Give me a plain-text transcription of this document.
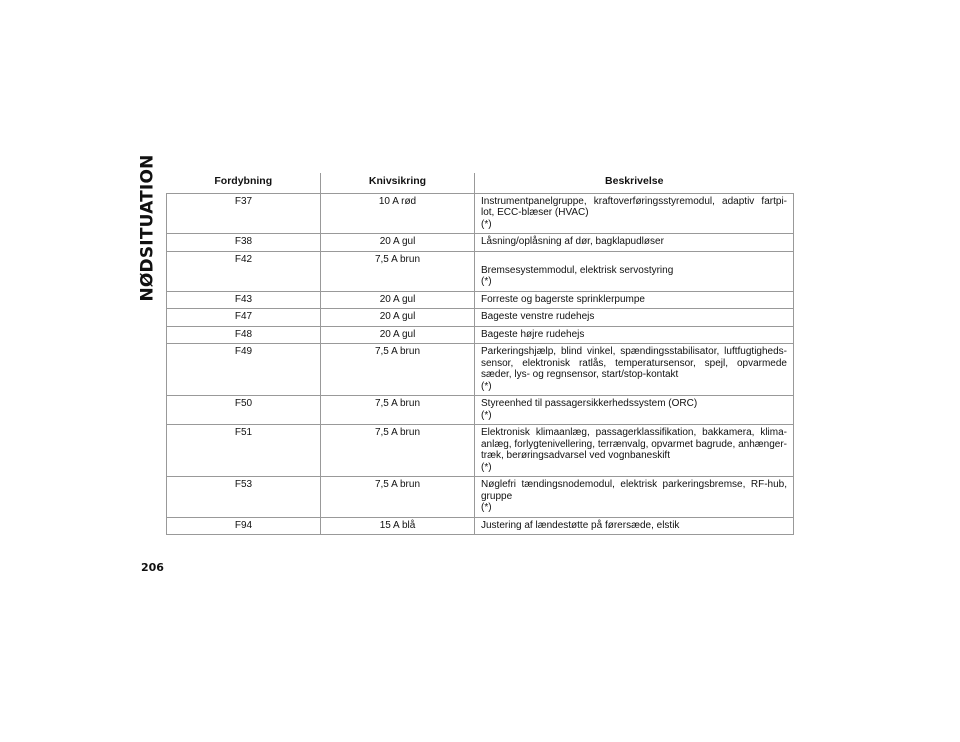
NØDSITUATION	Fordybning	Knivsikring	Beskrivelse
F37	10 A rød	Instrumentpanelgruppe, kraftoverføringsstyremodul, adaptiv fartpi- lot, ECC-blæser (HVAC)
(*)

F38	20 A gul	Låsning/oplåsning af dør, bagklapudløser

F42	7,5 A brun	Bremsesystemmodul, elektrisk servostyring
(*)

F43	20 A gul	Forreste og bagerste sprinklerpumpe

F47	20 A gul	Bageste venstre rudehejs

F48	20 A gul	Bageste højre rudehejs

F49	7,5 A brun	Parkeringshjælp, blind vinkel, spændingsstabilisator, luftfugtigheds- sensor, elektronisk ratlås, temperatursensor, spejl, opvarmede sæder, lys- og regnsensor, start/stop-kontakt
(*)

F50	7,5 A brun	Styreenhed til passagersikkerhedssystem (ORC)
(*)

F51	7,5 A brun	Elektronisk klimaanlæg, passagerklassifikation, bakkamera, klima- anlæg, forlygtenivellering, terrænvalg, opvarmet bagrude, anhænger- træk, berøringsadvarsel ved vognbaneskift
(*)

F53	7,5 A brun	Nøglefri tændingsnodemodul, elektrisk parkeringsbremse, RF-hub, gruppe
(*)

F94	15 A blå	Justering af lændestøtte på førersæde, elstik
206
